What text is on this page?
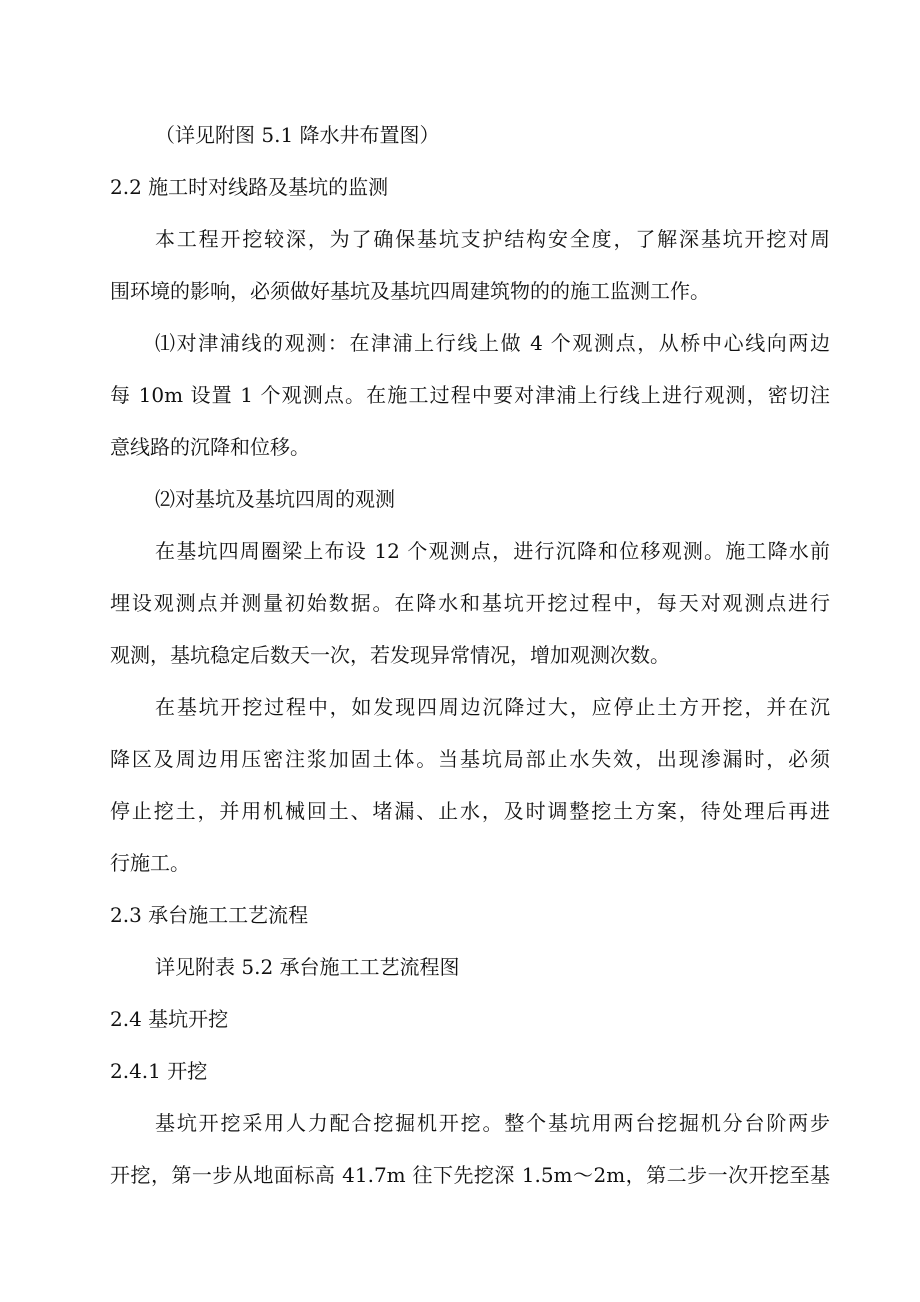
（详见附图 5.1 降水井布置图）
2.2 施工时对线路及基坑的监测
本工程开挖较深，为了确保基坑支护结构安全度，了解深基坑开挖对周
围环境的影响，必须做好基坑及基坑四周建筑物的的施工监测工作。
⑴对津浦线的观测：在津浦上行线上做 4 个观测点，从桥中心线向两边
每 10m 设置 1 个观测点。在施工过程中要对津浦上行线上进行观测，密切注
意线路的沉降和位移。
⑵对基坑及基坑四周的观测
在基坑四周圈梁上布设 12 个观测点，进行沉降和位移观测。施工降水前
埋设观测点并测量初始数据。在降水和基坑开挖过程中，每天对观测点进行
观测，基坑稳定后数天一次，若发现异常情况，增加观测次数。
在基坑开挖过程中，如发现四周边沉降过大，应停止土方开挖，并在沉
降区及周边用压密注浆加固土体。当基坑局部止水失效，出现渗漏时，必须
停止挖土，并用机械回土、堵漏、止水，及时调整挖土方案，待处理后再进
行施工。
2.3 承台施工工艺流程
详见附表 5.2 承台施工工艺流程图
2.4 基坑开挖
2.4.1 开挖
基坑开挖采用人力配合挖掘机开挖。整个基坑用两台挖掘机分台阶两步
开挖，第一步从地面标高 41.7m 往下先挖深 1.5m～2m，第二步一次开挖至基
